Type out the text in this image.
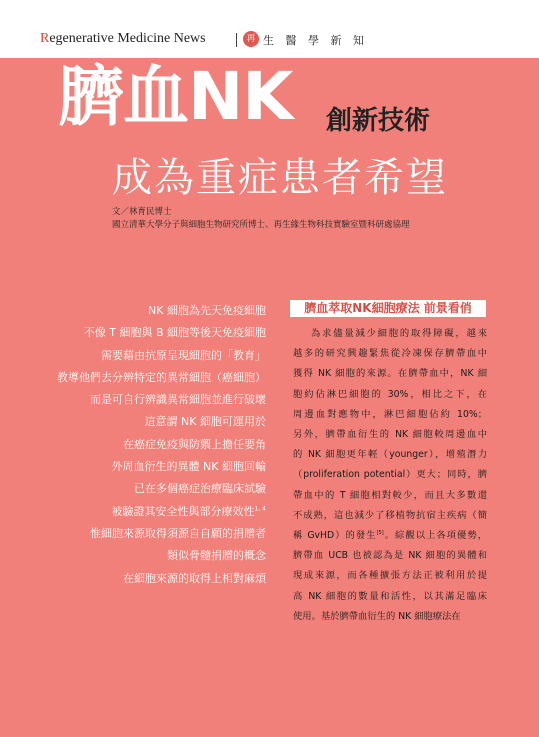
Regenerative Medicine News	再 生 醫 學 新 知
臍血NK 創新技術
成為重症患者希望
文／林育民博士
國立清華大學分子與細胞生物研究所博士、再生緣生物科技實驗室暨科研處協理
NK 細胞為先天免疫細胞
不像 T 細胞與 B 細胞等後天免疫細胞
需要藉由抗原呈現細胞的「教育」
教導他們去分辨特定的異常細胞（癌細胞）
而是可自行辨識異常細胞並進行破壞
這意謂 NK 細胞可運用於
在癌症免疫與防禦上擔任要角
外周血衍生的異體 NK 細胞回輸
已在多個癌症治療臨床試驗
被驗證其安全性與部分療效性$^{1, 4}$
惟細胞來源取得須源自自願的捐贈者
類似骨髓捐贈的概念
在細胞來源的取得上相對麻煩
臍血萃取NK細胞療法 前景看俏
為求儘量減少細胞的取得障礙，越來
越多的研究興趣緊焦從冷凍保存臍帶血中
獲得 NK 細胞的來源。在臍帶血中，NK 細
胞約佔淋巴細胞的 30%，相比之下，在
周邊血對應物中，淋巴細胞佔約 10%；
另外，臍帶血衍生的 NK 細胞較周邊血中
的 NK 細胞更年輕（younger），增殖潛力
（proliferation potential）更大；同時，臍
帶血中的 T 細胞相對較少，而且大多數還
不成熟，這也減少了移植物抗宿主疾病（簡
稱 GvHD）的發生[5]。綜觀以上各項優勢，
臍帶血 UCB 也被認為是 NK 細胞的異體和
現成來源，而各種擴張方法正被利用於提
高 NK 細胞的數量和活性，以其滿足臨床
使用。基於臍帶血衍生的 NK 細胞療法在
